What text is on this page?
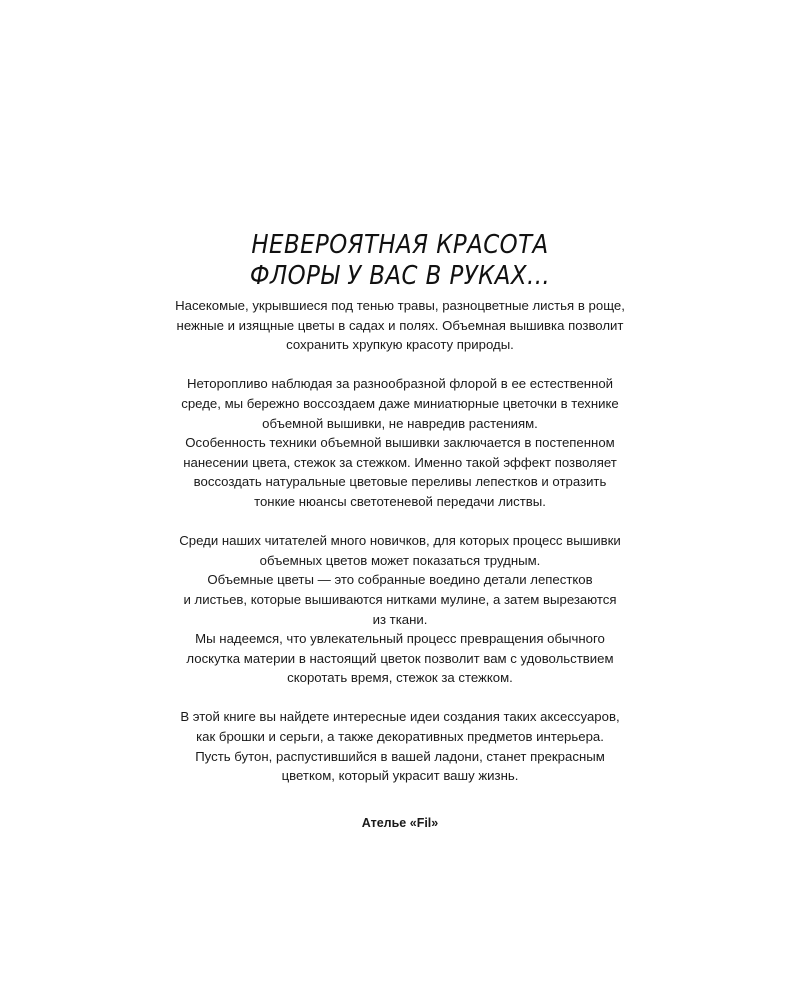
НЕВЕРОЯТНАЯ КРАСОТА
ФЛОРЫ У ВАС В РУКАХ...

Насекомые, укрывшиеся под тенью травы, разноцветные листья в роще,
нежные и изящные цветы в садах и полях. Объемная вышивка позволит
сохранить хрупкую красоту природы.

Неторопливо наблюдая за разнообразной флорой в ее естественной
среде, мы бережно воссоздаем даже миниатюрные цветочки в технике
объемной вышивки, не навредив растениям.
Особенность техники объемной вышивки заключается в постепенном
нанесении цвета, стежок за стежком. Именно такой эффект позволяет
воссоздать натуральные цветовые переливы лепестков и отразить
тонкие нюансы светотеневой передачи листвы.

Среди наших читателей много новичков, для которых процесс вышивки
объемных цветов может показаться трудным.
Объемные цветы — это собранные воедино детали лепестков
и листьев, которые вышиваются нитками мулине, а затем вырезаются
из ткани.
Мы надеемся, что увлекательный процесс превращения обычного
лоскутка материи в настоящий цветок позволит вам с удовольствием
скоротать время, стежок за стежком.

В этой книге вы найдете интересные идеи создания таких аксессуаров,
как брошки и серьги, а также декоративных предметов интерьера.
Пусть бутон, распустившийся в вашей ладони, станет прекрасным
цветком, который украсит вашу жизнь.

Ателье «Fil»
